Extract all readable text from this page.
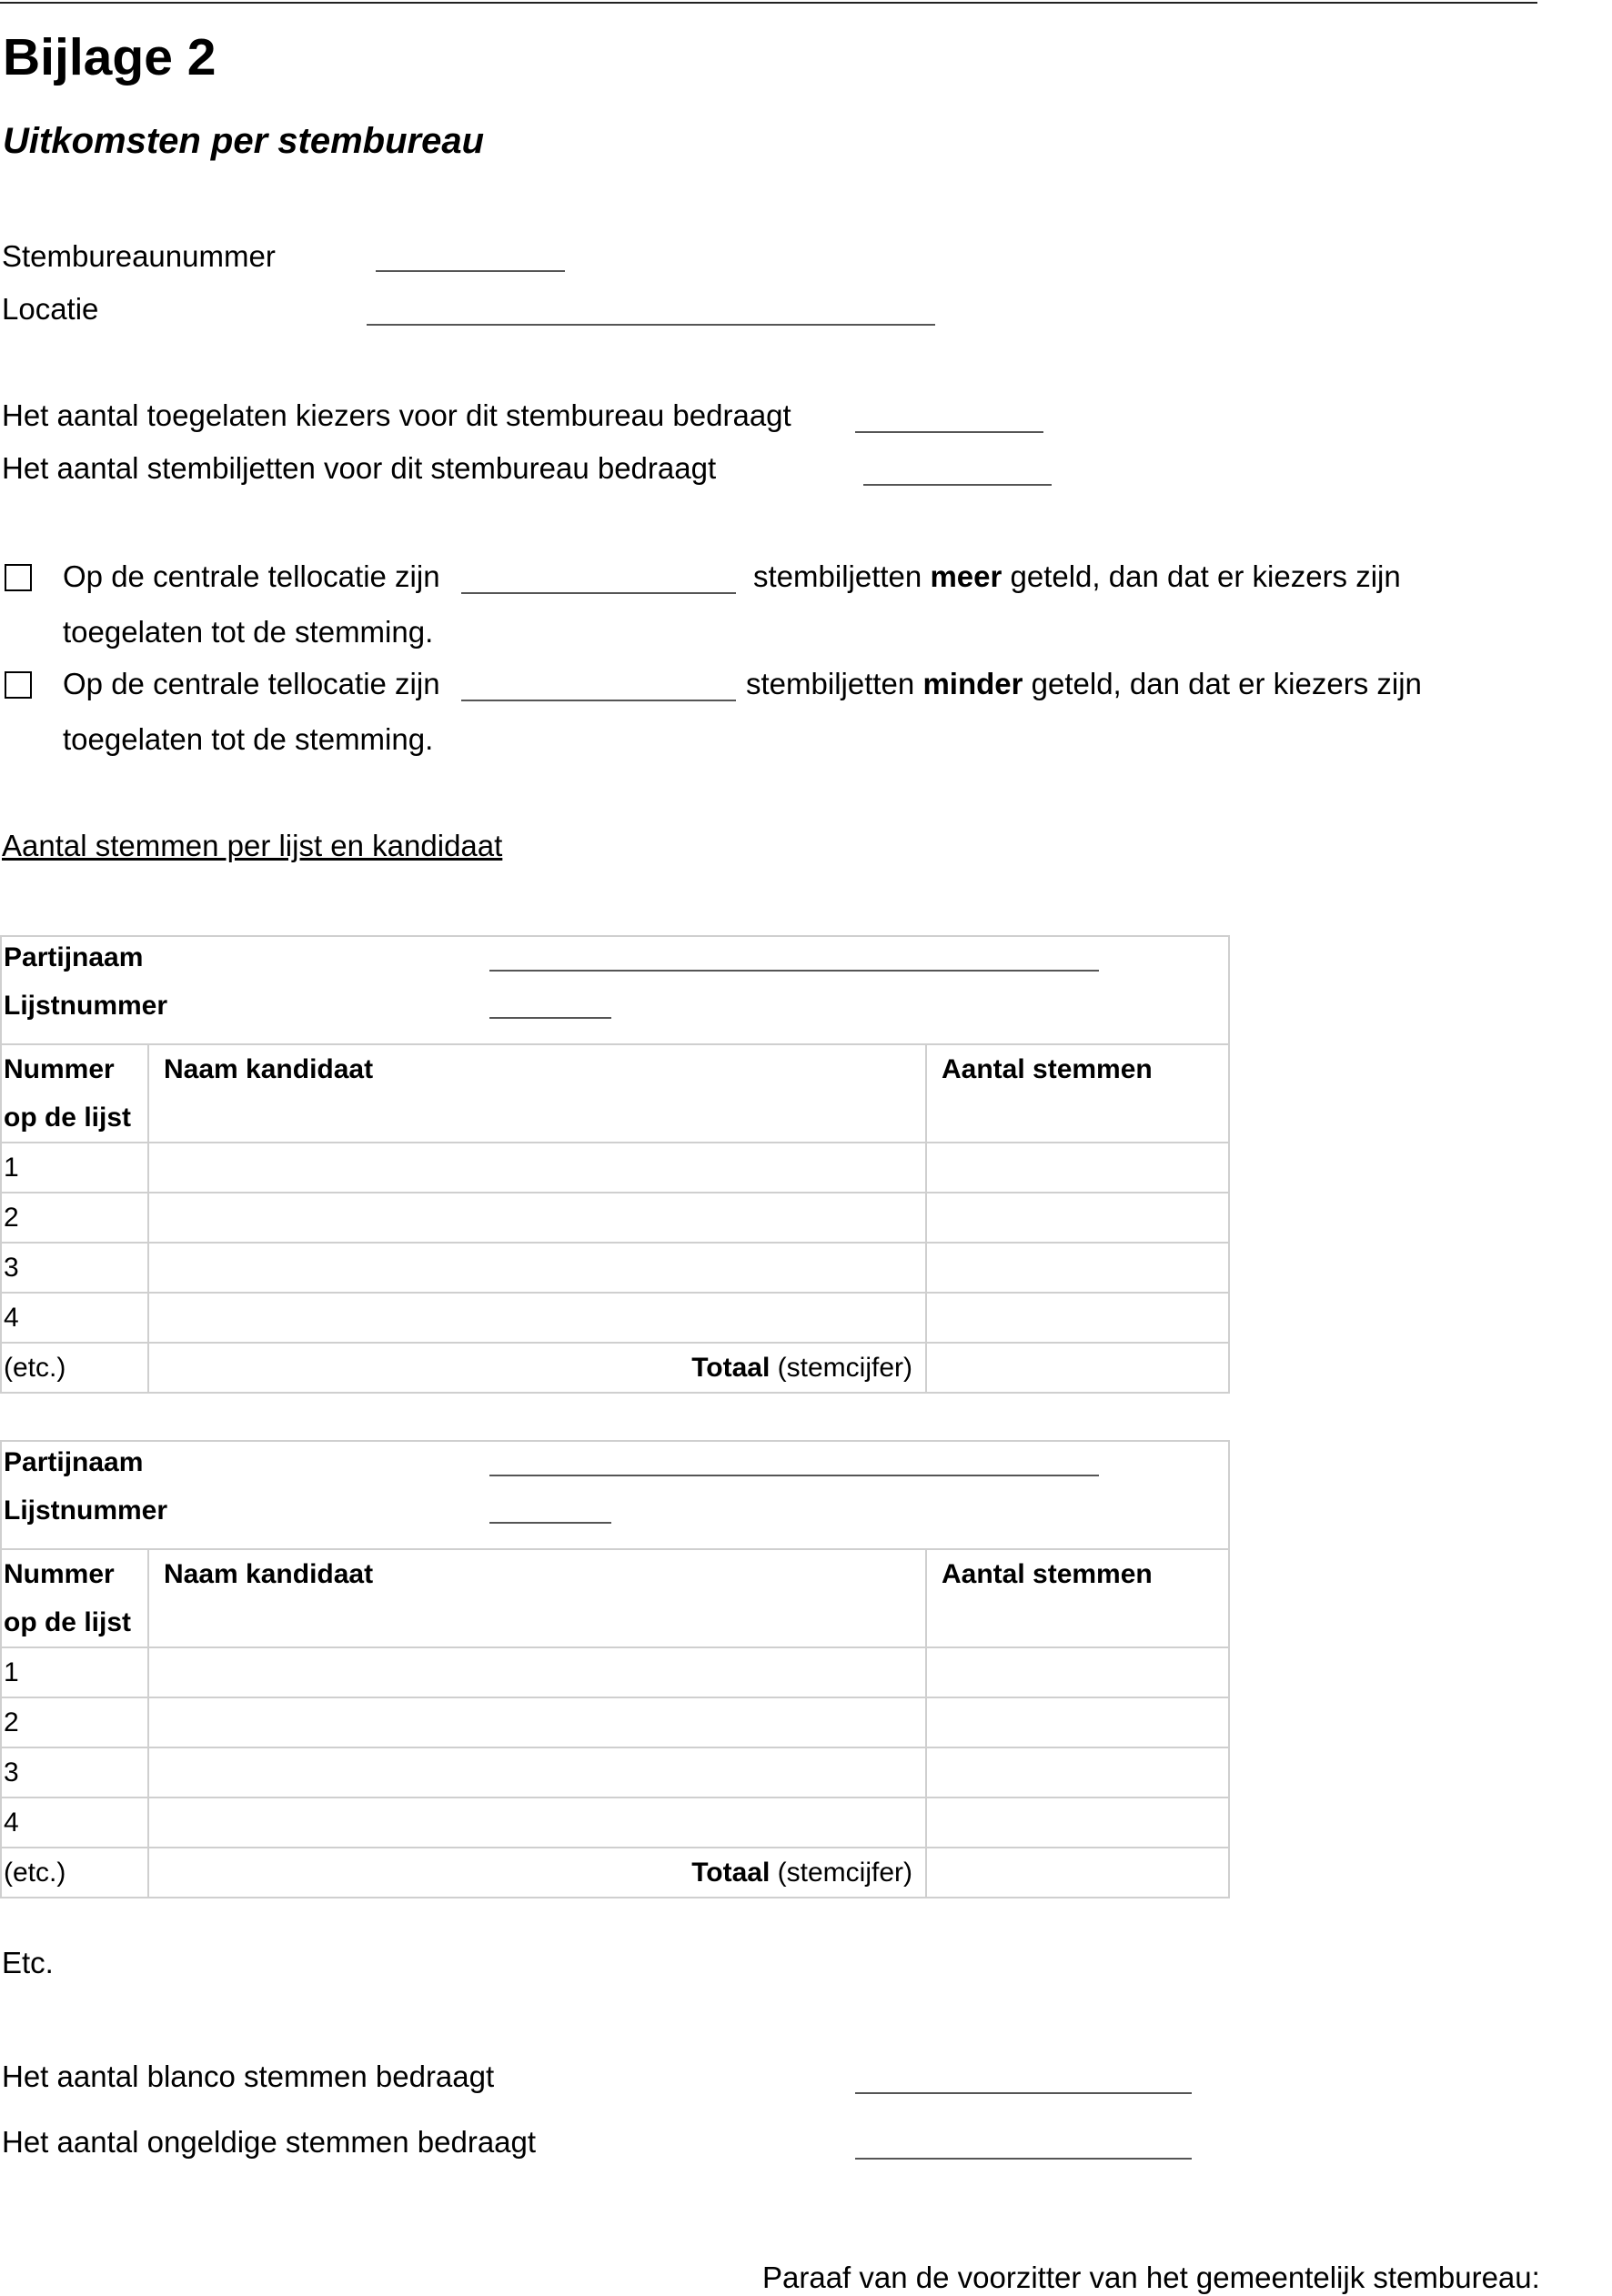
Bijlage 2
Uitkomsten per stembureau
Stembureaunummer
Locatie
Het aantal toegelaten kiezers voor dit stembureau bedraagt
Het aantal stembiljetten voor dit stembureau bedraagt
Op de centrale tellocatie zijn	stembiljetten meer geteld, dan dat er kiezers zijn
toegelaten tot de stemming.
Op de centrale tellocatie zijn	stembiljetten minder geteld, dan dat er kiezers zijn
toegelaten tot de stemming.
Aantal stemmen per lijst en kandidaat
Partijnaam
Lijstnummer		

Nummer
op de lijst	Naam kandidaat	Aantal stemmen
1		
2		
3		
4		
(etc.)	Totaal (stemcijfer)	
Partijnaam
Lijstnummer		

Nummer
op de lijst	Naam kandidaat	Aantal stemmen
1		
2		
3		
4		
(etc.)	Totaal (stemcijfer)	
Etc.
Het aantal blanco stemmen bedraagt
Het aantal ongeldige stemmen bedraagt
Paraaf van de voorzitter van het gemeentelijk stembureau:
